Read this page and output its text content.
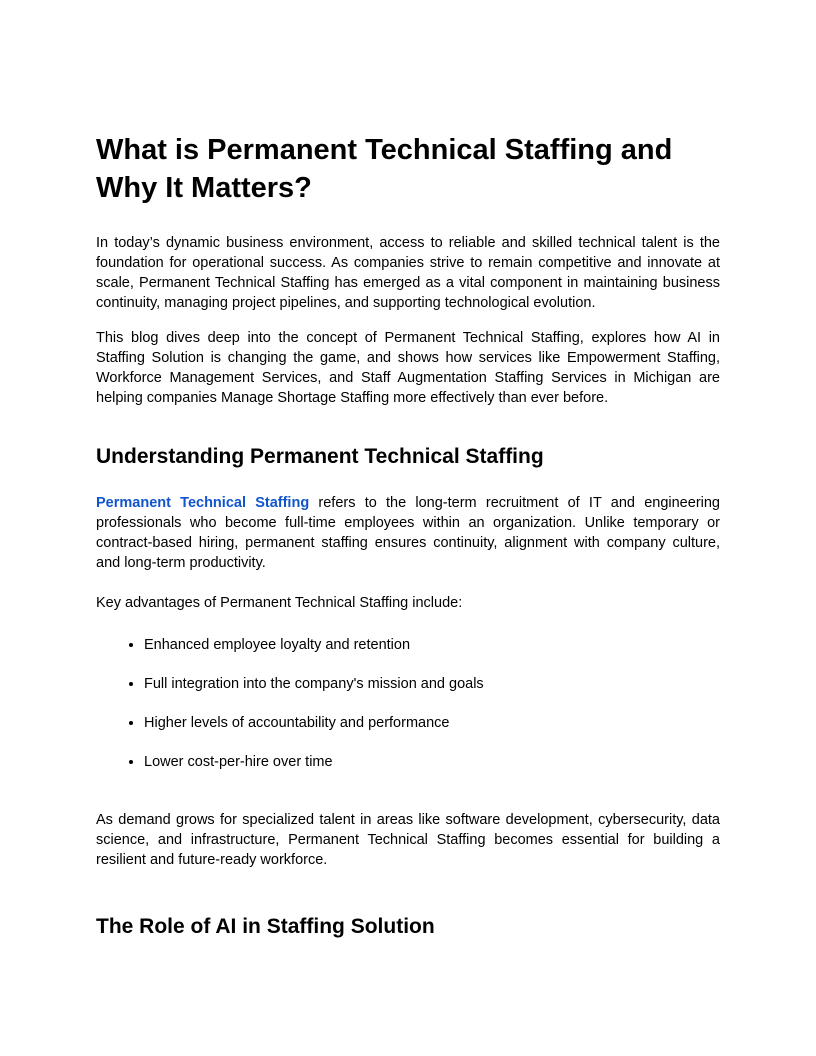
What is Permanent Technical Staffing and Why It Matters?

In today’s dynamic business environment, access to reliable and skilled technical talent is the foundation for operational success. As companies strive to remain competitive and innovate at scale, Permanent Technical Staffing has emerged as a vital component in maintaining business continuity, managing project pipelines, and supporting technological evolution.

This blog dives deep into the concept of Permanent Technical Staffing, explores how AI in Staffing Solution is changing the game, and shows how services like Empowerment Staffing, Workforce Management Services, and Staff Augmentation Staffing Services in Michigan are helping companies Manage Shortage Staffing more effectively than ever before.

Understanding Permanent Technical Staffing

Permanent Technical Staffing refers to the long-term recruitment of IT and engineering professionals who become full-time employees within an organization. Unlike temporary or contract-based hiring, permanent staffing ensures continuity, alignment with company culture, and long-term productivity.

Key advantages of Permanent Technical Staffing include:

• Enhanced employee loyalty and retention
• Full integration into the company's mission and goals
• Higher levels of accountability and performance
• Lower cost-per-hire over time

As demand grows for specialized talent in areas like software development, cybersecurity, data science, and infrastructure, Permanent Technical Staffing becomes essential for building a resilient and future-ready workforce.

The Role of AI in Staffing Solution
